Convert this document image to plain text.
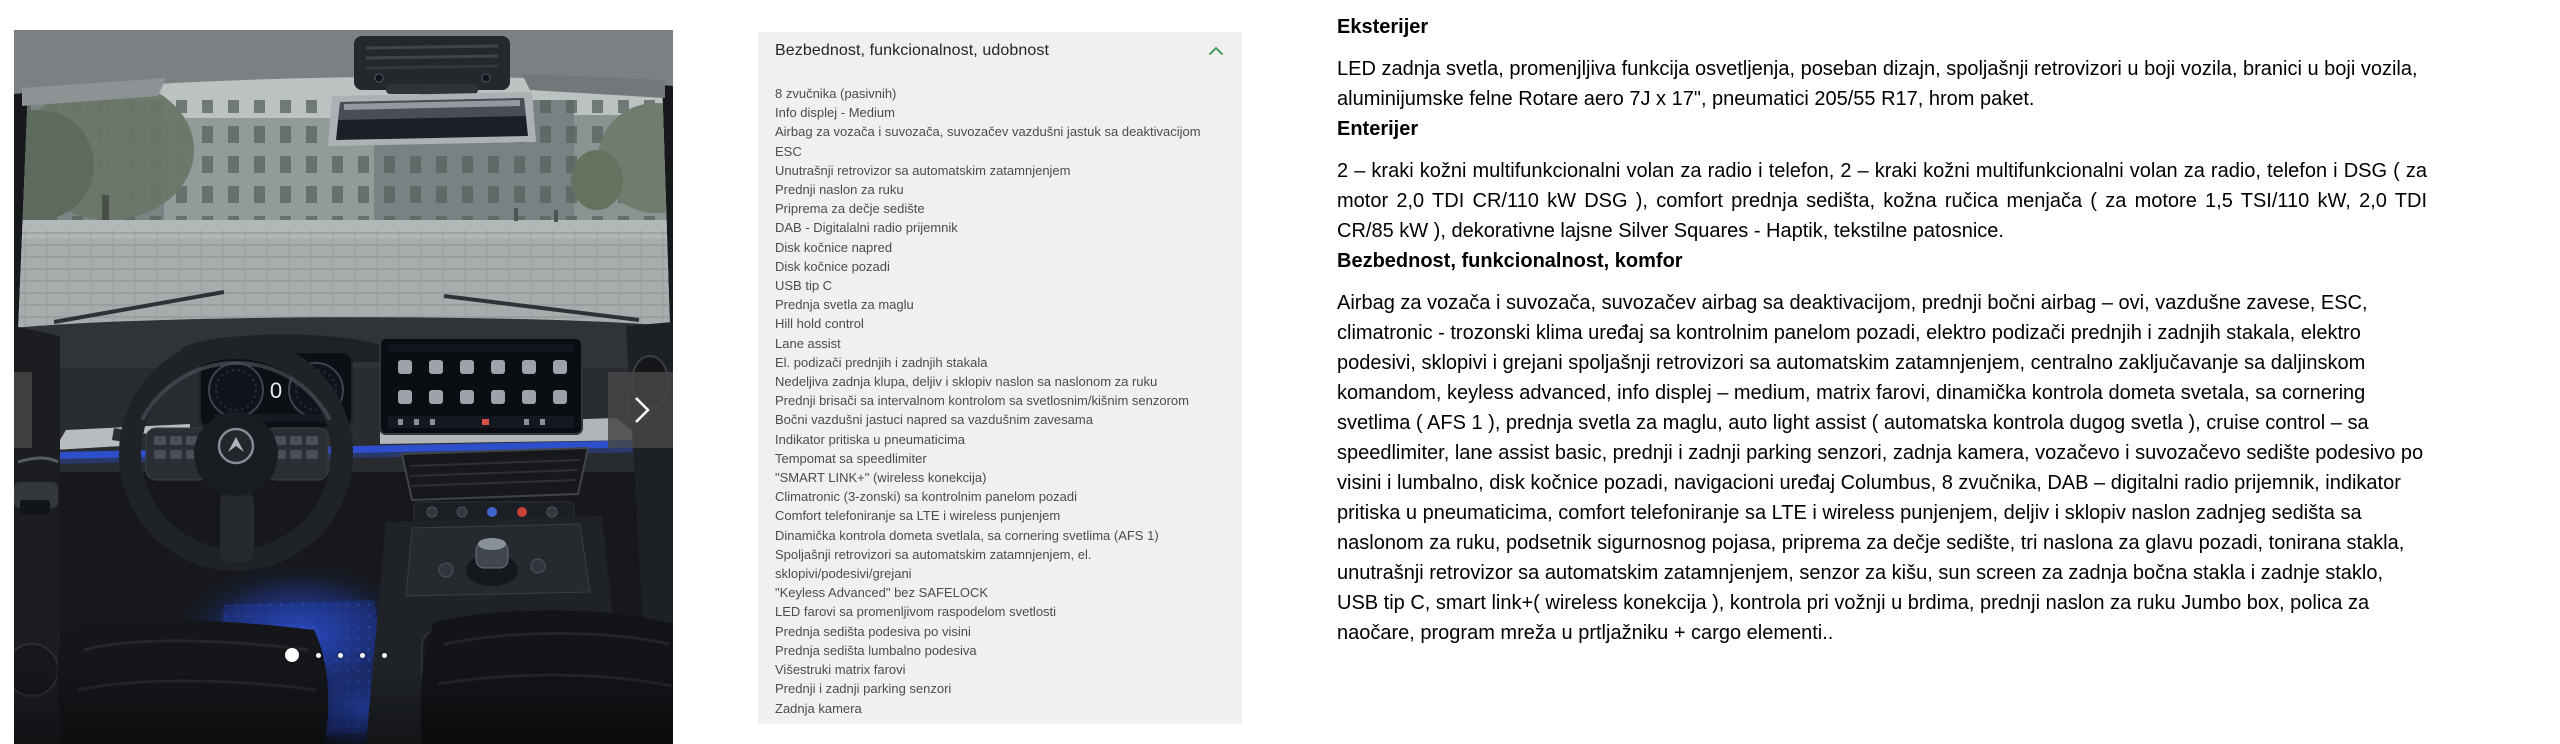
0
Bezbednost, funkcionalnost, udobnost
8 zvučnika (pasivnih)
Info displej - Medium
Airbag za vozača i suvozača, suvozačev vazdušni jastuk sa deaktivacijom
ESC
Unutrašnji retrovizor sa automatskim zatamnjenjem
Prednji naslon za ruku
Priprema za dečje sedište
DAB - Digitalalni radio prijemnik
Disk kočnice napred
Disk kočnice pozadi
USB tip C
Prednja svetla za maglu
Hill hold control
Lane assist
El. podizači prednjih i zadnjih stakala
Nedeljiva zadnja klupa, deljiv i sklopiv naslon sa naslonom za ruku
Prednji brisači sa intervalnom kontrolom sa svetlosnim/kišnim senzorom
Bočni vazdušni jastuci napred sa vazdušnim zavesama
Indikator pritiska u pneumaticima
Tempomat sa speedlimiter
"SMART LINK+" (wireless konekcija)
Climatronic (3-zonski) sa kontrolnim panelom pozadi
Comfort telefoniranje sa LTE i wireless punjenjem
Dinamička kontrola dometa svetlala, sa cornering svetlima (AFS 1)
Spoljašnji retrovizori sa automatskim zatamnjenjem, el. sklopivi/podesivi/grejani
"Keyless Advanced" bez SAFELOCK
LED farovi sa promenljivom raspodelom svetlosti
Prednja sedišta podesiva po visini
Prednja sedišta lumbalno podesiva
Višestruki matrix farovi
Prednji i zadnji parking senzori
Zadnja kamera
Eksterijer

LED zadnja svetla, promenjljiva funkcija osvetljenja, poseban dizajn, spoljašnji retrovizori u boji vozila, branici u boji vozila, aluminijumske felne Rotare aero 7J x 17", pneumatici 205/55 R17, hrom paket.

Enterijer

2 – kraki kožni multifunkcionalni volan za radio i telefon, 2 – kraki kožni multifunkcionalni volan za radio, telefon i DSG ( za motor 2,0 TDI CR/110 kW DSG ), comfort prednja sedišta, kožna ručica menjača ( za motore 1,5 TSI/110 kW, 2,0 TDI CR/85 kW ), dekorativne lajsne Silver Squares - Haptik, tekstilne patosnice.

Bezbednost, funkcionalnost, komfor

Airbag za vozača i suvozača, suvozačev airbag sa deaktivacijom, prednji bočni airbag – ovi, vazdušne zavese, ESC, climatronic - trozonski klima uređaj sa kontrolnim panelom pozadi, elektro podizači prednjih i zadnjih stakala, elektro podesivi, sklopivi i grejani spoljašnji retrovizori sa automatskim zatamnjenjem, centralno zaključavanje sa daljinskom komandom, keyless advanced, info displej – medium, matrix farovi, dinamička kontrola dometa svetala, sa cornering svetlima ( AFS 1 ), prednja svetla za maglu, auto light assist ( automatska kontrola dugog svetla ), cruise control – sa speedlimiter, lane assist basic, prednji i zadnji parking senzori, zadnja kamera, vozačevo i suvozačevo sedište podesivo po visini i lumbalno, disk kočnice pozadi, navigacioni uređaj Columbus, 8 zvučnika, DAB – digitalni radio prijemnik, indikator pritiska u pneumaticima, comfort telefoniranje sa LTE i wireless punjenjem, deljiv i sklopiv naslon zadnjeg sedišta sa naslonom za ruku, podsetnik sigurnosnog pojasa, priprema za dečje sedište, tri naslona za glavu pozadi, tonirana stakla, unutrašnji retrovizor sa automatskim zatamnjenjem, senzor za kišu, sun screen za zadnja bočna stakla i zadnje staklo, USB tip C, smart link+( wireless konekcija ), kontrola pri vožnji u brdima, prednji naslon za ruku Jumbo box, polica za naočare, program mreža u prtljažniku + cargo elementi..
